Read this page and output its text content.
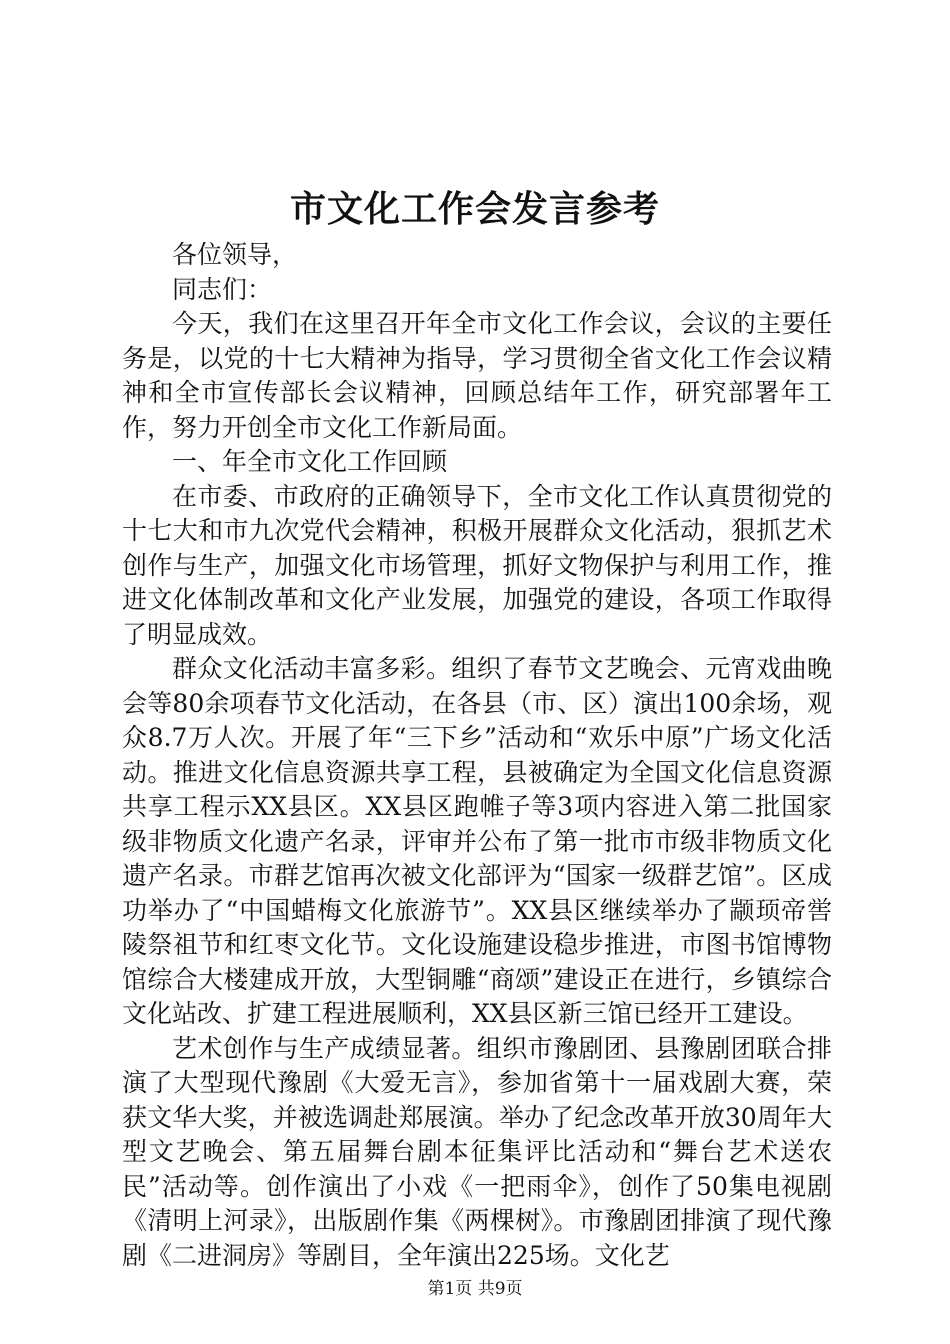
市文化工作会发言参考

各位领导，

同志们：

今天，我们在这里召开年全市文化工作会议，会议的主要任务是，以党的十七大精神为指导，学习贯彻全省文化工作会议精神和全市宣传部长会议精神，回顾总结年工作，研究部署年工作，努力开创全市文化工作新局面。

一、年全市文化工作回顾

在市委、市政府的正确领导下，全市文化工作认真贯彻党的十七大和市九次党代会精神，积极开展群众文化活动，狠抓艺术创作与生产，加强文化市场管理，抓好文物保护与利用工作，推进文化体制改革和文化产业发展，加强党的建设，各项工作取得了明显成效。

群众文化活动丰富多彩。组织了春节文艺晚会、元宵戏曲晚会等80余项春节文化活动，在各县（市、区）演出100余场，观众8.7万人次。开展了年“三下乡”活动和“欢乐中原”广场文化活动。推进文化信息资源共享工程，县被确定为全国文化信息资源共享工程示XX县区。XX县区跑帷子等3项内容进入第二批国家级非物质文化遗产名录，评审并公布了第一批市市级非物质文化遗产名录。市群艺馆再次被文化部评为“国家一级群艺馆”。区成功举办了“中国蜡梅文化旅游节”。XX县区继续举办了颛顼帝喾陵祭祖节和红枣文化节。文化设施建设稳步推进，市图书馆博物馆综合大楼建成开放，大型铜雕“商颂”建设正在进行，乡镇综合文化站改、扩建工程进展顺利，XX县区新三馆已经开工建设。

艺术创作与生产成绩显著。组织市豫剧团、县豫剧团联合排演了大型现代豫剧《大爱无言》，参加省第十一届戏剧大赛，荣获文华大奖，并被选调赴郑展演。举办了纪念改革开放30周年大型文艺晚会、第五届舞台剧本征集评比活动和“舞台艺术送农民”活动等。创作演出了小戏《一把雨伞》，创作了50集电视剧《清明上河录》，出版剧作集《两棵树》。市豫剧团排演了现代豫剧《二进洞房》等剧目，全年演出225场。文化艺

第1页 共9页
